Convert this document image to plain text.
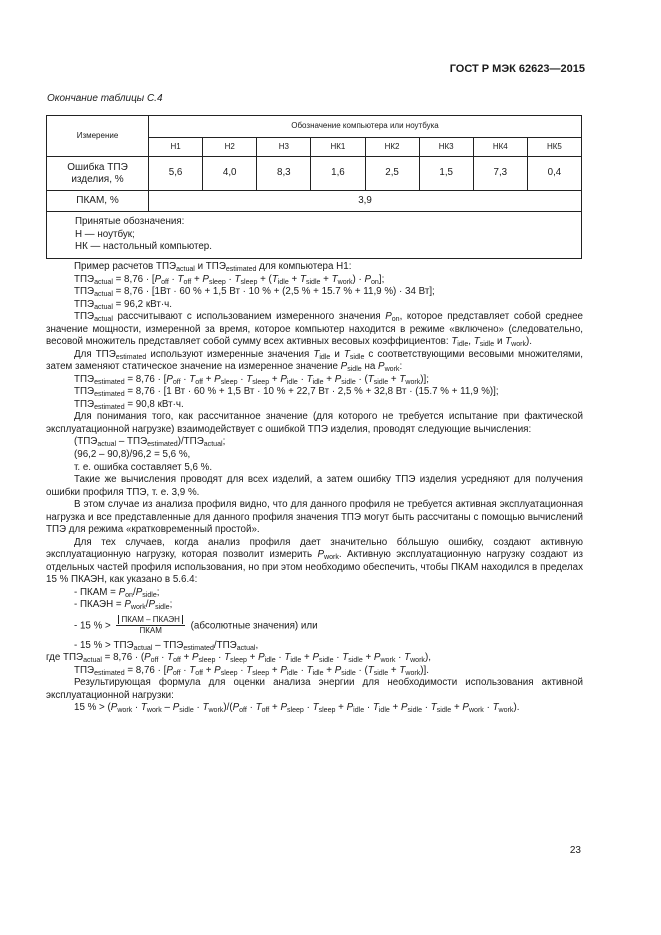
ГОСТ Р МЭК 62623—2015
Окончание таблицы С.4
Измерение	Обозначение компьютера или ноутбука							
	Н1	Н2	Н3	НК1	НК2	НК3	НК4	НК5
Ошибка ТПЭ изделия, %	5,6	4,0	8,3	1,6	2,5	1,5	7,3	0,4
ПКАМ, %	3,9							

Принятые обозначения:
Н — ноутбук;
НК — настольный компьютер.								

Пример расчетов $ТПЭ_{actual}$ и $ТПЭ_{estimated}$ для компьютера Н1:

$ТПЭ_{actual} = 8,76 \cdot [P_{off} \cdot T_{off} + P_{sleep} \cdot T_{sleep} + (T_{idle} + T_{sidle} + T_{work}) \cdot P_{on}]$;

$ТПЭ_{actual} = 8,76 \cdot [1Вт \cdot 60$ % + 1,5 Вт · 10 % + (2,5 % + 15.7 % + 11,9 %) · 34 Вт];

$ТПЭ_{actual} = 96,2$ кВт·ч.

$ТПЭ_{actual}$ рассчитывают с использованием измеренного значения $P_{on}$, которое представляет собой среднее значение мощности, измеренной за время, которое компьютер находится в режиме «включено» (следовательно, весовой множитель представляет собой сумму всех активных весовых коэффициентов: $T_{idle}$, $T_{sidle}$ и $T_{work}$).

Для $ТПЭ_{estimated}$ используют измеренные значения $T_{idle}$ и $T_{sidle}$ с соответствующими весовыми множителями, затем заменяют статическое значение на измеренное значение $P_{sidle}$ на $P_{work}$:

$ТПЭ_{estimated} = 8,76 \cdot [P_{off} \cdot T_{off} + P_{sleep} \cdot T_{sleep} + P_{idle} \cdot T_{idle} + P_{sidle} \cdot (T_{sidle} + T_{work})]$;

$ТПЭ_{estimated} = 8,76 \cdot [1$ Вт · 60 % + 1,5 Вт · 10 % + 22,7 Вт · 2,5 % + 32,8 Вт · (15.7 % + 11,9 %)];

$ТПЭ_{estimated} = 90,8$ кВт·ч.

Для понимания того, как рассчитанное значение (для которого не требуется испытание при фактической эксплуатационной нагрузке) взаимодействует с ошибкой ТПЭ изделия, проводят следующие вычисления:

$(ТПЭ_{actual} - ТПЭ_{estimated})/ТПЭ_{actual}$;

(96,2 – 90,8)/96,2 = 5,6 %,

т. е. ошибка составляет 5,6 %.

Такие же вычисления проводят для всех изделий, а затем ошибку ТПЭ изделия усредняют для получения ошибки профиля ТПЭ, т. е. 3,9 %.

В этом случае из анализа профиля видно, что для данного профиля не требуется активная эксплуатационная нагрузка и все представленные для данного профиля значения ТПЭ могут быть рассчитаны с помощью вычислений ТПЭ для режима «кратковременный простой».

Для тех случаев, когда анализ профиля дает значительно бо́льшую ошибку, создают активную эксплуатационную нагрузку, которая позволит измерить $P_{work}$. Активную эксплуатационную нагрузку создают из отдельных частей профиля использования, но при этом необходимо обеспечить, чтобы ПКАМ находился в пределах 15 % ПКАЭН, как указано в 5.6.4:

- ПКАМ = $P_{on}/P_{sidle}$;

- ПКАЭН = $P_{work}/P_{sidle}$;

- 15 % > $\frac{\text{ПКАМ – ПКАЭН}}{\text{ПКАМ}}$ (абсолютные значения) или

- 15 % > $ТПЭ_{actual} - ТПЭ_{estimated}/ТПЭ_{actual}$,

где $ТПЭ_{actual} = 8,76 \cdot (P_{off} \cdot T_{off} + P_{sleep} \cdot T_{sleep} + P_{idle} \cdot T_{idle} + P_{sidle} \cdot T_{sidle} + P_{work} \cdot T_{work})$,

$ТПЭ_{estimated} = 8,76 \cdot [P_{off} \cdot T_{off} + P_{sleep} \cdot T_{sleep} + P_{idle} \cdot T_{idle} + P_{sidle} \cdot (T_{sidle} + T_{work})]$.

Результирующая формула для оценки анализа энергии для необходимости использования активной эксплуатационной нагрузки:

15 % > $(P_{work} \cdot T_{work} - P_{sidle} \cdot T_{work})/(P_{off} \cdot T_{off} + P_{sleep} \cdot T_{sleep} + P_{idle} \cdot T_{idle} + P_{sidle} \cdot T_{sidle} + P_{work} \cdot T_{work})$.

23
